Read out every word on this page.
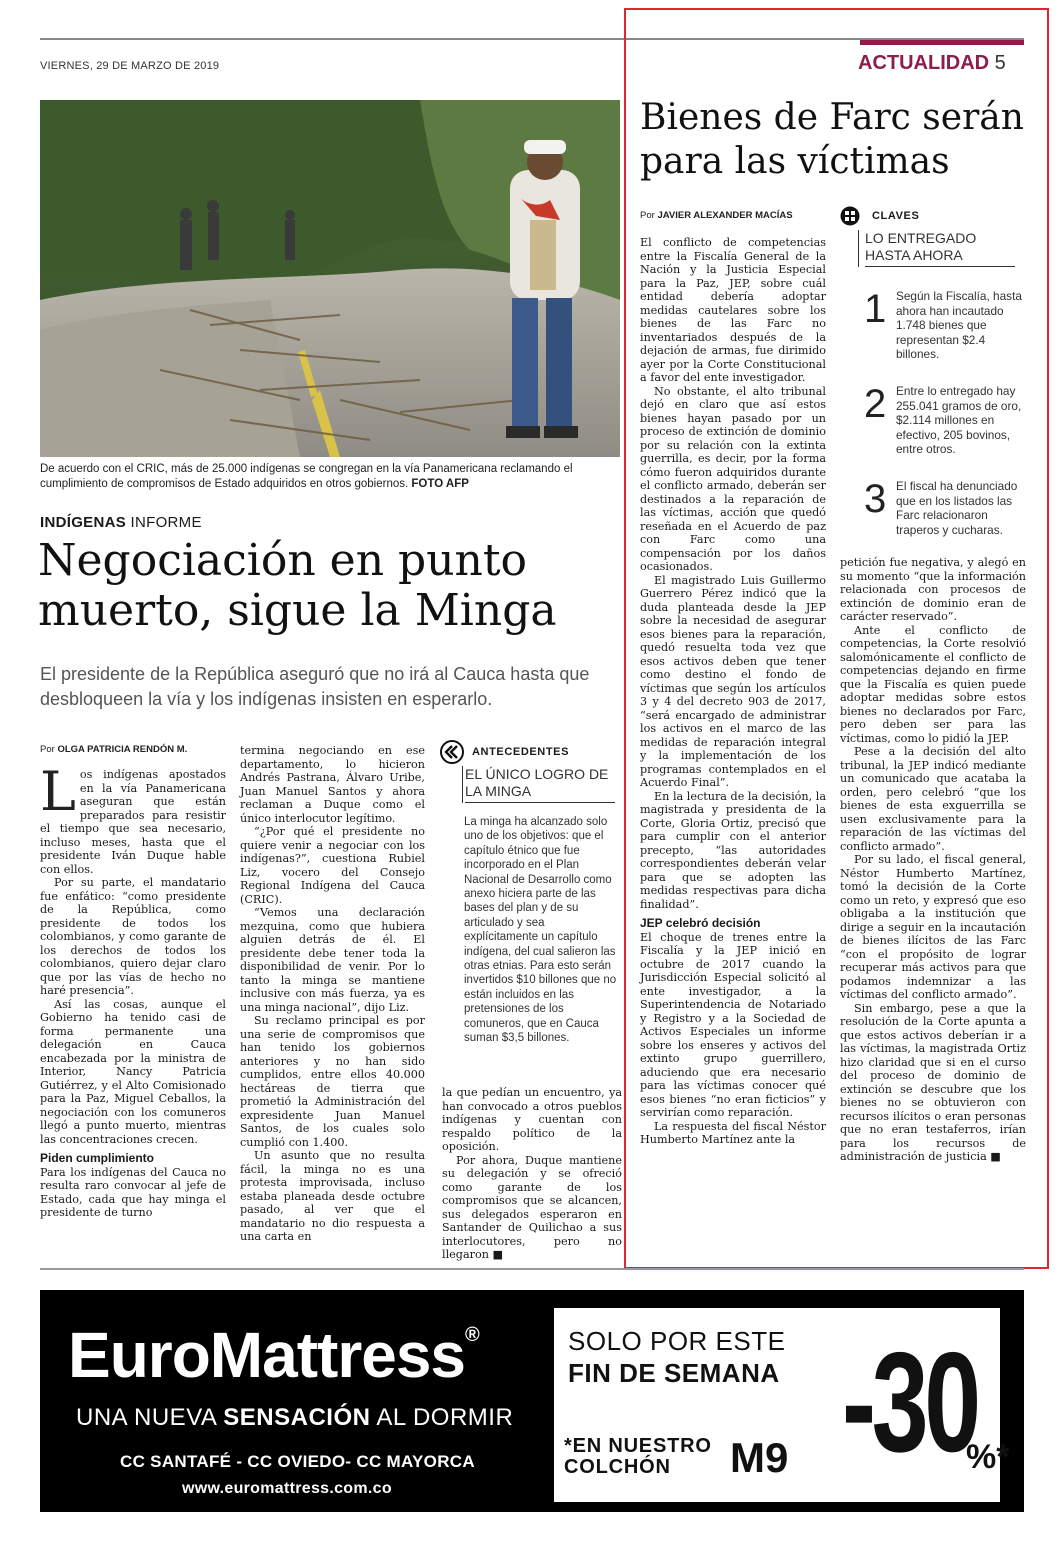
VIERNES, 29 DE MARZO DE 2019	ACTUALIDAD 5
De acuerdo con el CRIC, más de 25.000 indígenas se congregan en la vía Panamericana reclamando el cumplimiento de compromisos de Estado adquiridos en otros gobiernos. FOTO AFP
INDÍGENAS INFORME
Negociación en punto muerto, sigue la Minga
El presidente de la República aseguró que no irá al Cauca hasta que desbloqueen la vía y los indígenas insisten en esperarlo.
Por OLGA PATRICIA RENDÓN M.

Los indígenas apostados en la vía Panamericana aseguran que están preparados para resistir el tiempo que sea necesario, incluso meses, hasta que el presidente Iván Duque hable con ellos.

Por su parte, el mandatario fue enfático: “como presidente de la República, como presidente de todos los colombianos, y como garante de los derechos de todos los colombianos, quiero dejar claro que por las vías de hecho no haré presencia”.

Así las cosas, aunque el Gobierno ha tenido casi de forma permanente una delegación en Cauca encabezada por la ministra de Interior, Nancy Patricia Gutiérrez, y el Alto Comisionado para la Paz, Miguel Ceballos, la negociación con los comuneros llegó a punto muerto, mientras las concentraciones crecen.

Piden cumplimiento

Para los indígenas del Cauca no resulta raro convocar al jefe de Estado, cada que hay minga el presidente de turno

termina negociando en ese departamento, lo hicieron Andrés Pastrana, Álvaro Uribe, Juan Manuel Santos y ahora reclaman a Duque como el único interlocutor legítimo.

“¿Por qué el presidente no quiere venir a negociar con los indígenas?”, cuestiona Rubiel Liz, vocero del Consejo Regional Indígena del Cauca (CRIC).

“Vemos una declaración mezquina, como que hubiera alguien detrás de él. El presidente debe tener toda la disponibilidad de venir. Por lo tanto la minga se mantiene inclusive con más fuerza, ya es una minga nacional”, dijo Liz.

Su reclamo principal es por una serie de compromisos que han tenido los gobiernos anteriores y no han sido cumplidos, entre ellos 40.000 hectáreas de tierra que prometió la Administración del expresidente Juan Manuel Santos, de los cuales solo cumplió con 1.400.

Un asunto que no resulta fácil, la minga no es una protesta improvisada, incluso estaba planeada desde octubre pasado, al ver que el mandatario no dio respuesta a una carta en

ANTECEDENTES
EL ÚNICO LOGRO DE LA MINGA
La minga ha alcanzado solo uno de los objetivos: que el capítulo étnico que fue incorporado en el Plan Nacional de Desarrollo como anexo hiciera parte de las bases del plan y de su articulado y sea explícitamente un capítulo indígena, del cual salieron las otras etnias. Para esto serán invertidos $10 billones que no están incluidos en las pretensiones de los comuneros, que en Cauca suman $3,5 billones.

la que pedían un encuentro, ya han convocado a otros pueblos indígenas y cuentan con respaldo político de la oposición.

Por ahora, Duque mantiene su delegación y se ofreció como garante de los compromisos que se alcancen, sus delegados esperaron en Santander de Quilichao a sus interlocutores, pero no llegaron ■

Bienes de Farc serán para las víctimas
Por JAVIER ALEXANDER MACÍAS

El conflicto de competencias entre la Fiscalía General de la Nación y la Justicia Especial para la Paz, JEP, sobre cuál entidad debería adoptar medidas cautelares sobre los bienes de las Farc no inventariados después de la dejación de armas, fue dirimido ayer por la Corte Constitucional a favor del ente investigador.

No obstante, el alto tribunal dejó en claro que así estos bienes hayan pasado por un proceso de extinción de dominio por su relación con la extinta guerrilla, es decir, por la forma cómo fueron adquiridos durante el conflicto armado, deberán ser destinados a la reparación de las víctimas, acción que quedó reseñada en el Acuerdo de paz con Farc como una compensación por los daños ocasionados.

El magistrado Luis Guillermo Guerrero Pérez indicó que la duda planteada desde la JEP sobre la necesidad de asegurar esos bienes para la reparación, quedó resuelta toda vez que esos activos deben que tener como destino el fondo de víctimas que según los artículos 3 y 4 del decreto 903 de 2017, “será encargado de administrar los activos en el marco de las medidas de reparación integral y la implementación de los programas contemplados en el Acuerdo Final”.

En la lectura de la decisión, la magistrada y presidenta de la Corte, Gloria Ortiz, precisó que para cumplir con el anterior precepto, “las autoridades correspondientes deberán velar para que se adopten las medidas respectivas para dicha finalidad”.

JEP celebró decisión

El choque de trenes entre la Fiscalía y la JEP inició en octubre de 2017 cuando la Jurisdicción Especial solicitó al ente investigador, a la Superintendencia de Notariado y Registro y a la Sociedad de Activos Especiales un informe sobre los enseres y activos del extinto grupo guerrillero, aduciendo que era necesario para las víctimas conocer qué esos bienes “no eran ficticios” y servirían como reparación.

La respuesta del fiscal Néstor Humberto Martínez ante la

CLAVES
LO ENTREGADO HASTA AHORA
1 Según la Fiscalía, hasta ahora han incautado 1.748 bienes que representan $2.4 billones.
2 Entre lo entregado hay 255.041 gramos de oro, $2.114 millones en efectivo, 205 bovinos, entre otros.
3 El fiscal ha denunciado que en los listados las Farc relacionaron traperos y cucharas.

petición fue negativa, y alegó en su momento “que la información relacionada con procesos de extinción de dominio eran de carácter reservado”.

Ante el conflicto de competencias, la Corte resolvió salomónicamente el conflicto de competencias dejando en firme que la Fiscalía es quien puede adoptar medidas sobre estos bienes no declarados por Farc, pero deben ser para las víctimas, como lo pidió la JEP.

Pese a la decisión del alto tribunal, la JEP indicó mediante un comunicado que acataba la orden, pero celebró “que los bienes de esta exguerrilla se usen exclusivamente para la reparación de las víctimas del conflicto armado”.

Por su lado, el fiscal general, Néstor Humberto Martínez, tomó la decisión de la Corte como un reto, y expresó que eso obligaba a la institución que dirige a seguir en la incautación de bienes ilícitos de las Farc “con el propósito de lograr recuperar más activos para que podamos indemnizar a las víctimas del conflicto armado”.

Sin embargo, pese a que la resolución de la Corte apunta a que estos activos deberían ir a las víctimas, la magistrada Ortiz hizo claridad que si en el curso del proceso de dominio de extinción se descubre que los bienes no se obtuvieron con recursos ilícitos o eran personas que no eran testaferros, irían para los recursos de administración de justicia ■

EuroMattress®
UNA NUEVA SENSACIÓN AL DORMIR
CC SANTAFÉ - CC OVIEDO- CC MAYORCA
www.euromattress.com.co
SOLO POR ESTE
FIN DE SEMANA
*EN NUESTRO
COLCHÓN	M9 -30
%*
